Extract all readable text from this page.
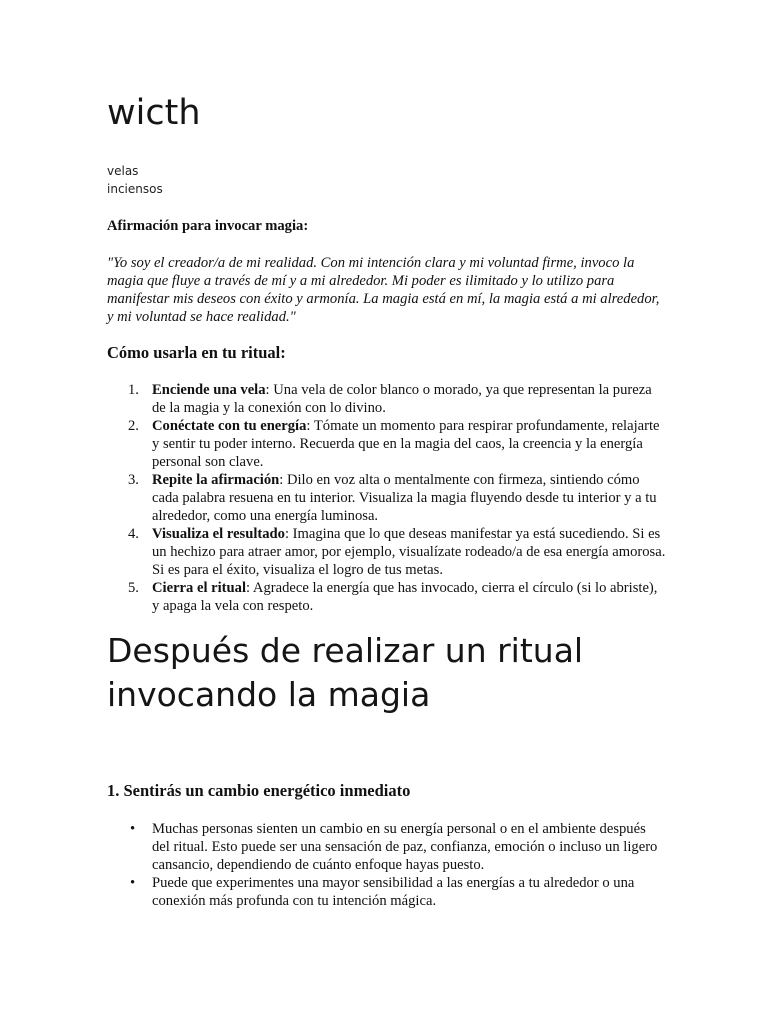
wicth
velas
inciensos

Afirmación para invocar magia:

"Yo soy el creador/a de mi realidad. Con mi intención clara y mi voluntad firme, invoco la magia que fluye a través de mí y a mi alrededor. Mi poder es ilimitado y lo utilizo para manifestar mis deseos con éxito y armonía. La magia está en mí, la magia está a mi alrededor, y mi voluntad se hace realidad."

Cómo usarla en tu ritual:
1. Enciende una vela: Una vela de color blanco o morado, ya que representan la pureza de la magia y la conexión con lo divino.
2. Conéctate con tu energía: Tómate un momento para respirar profundamente, relajarte y sentir tu poder interno. Recuerda que en la magia del caos, la creencia y la energía personal son clave.
3. Repite la afirmación: Dilo en voz alta o mentalmente con firmeza, sintiendo cómo cada palabra resuena en tu interior. Visualiza la magia fluyendo desde tu interior y a tu alrededor, como una energía luminosa.
4. Visualiza el resultado: Imagina que lo que deseas manifestar ya está sucediendo. Si es un hechizo para atraer amor, por ejemplo, visualízate rodeado/a de esa energía amorosa. Si es para el éxito, visualiza el logro de tus metas.
5. Cierra el ritual: Agradece la energía que has invocado, cierra el círculo (si lo abriste), y apaga la vela con respeto.
Después de realizar un ritual invocando la magia
1. Sentirás un cambio energético inmediato
• Muchas personas sienten un cambio en su energía personal o en el ambiente después del ritual. Esto puede ser una sensación de paz, confianza, emoción o incluso un ligero cansancio, dependiendo de cuánto enfoque hayas puesto.
• Puede que experimentes una mayor sensibilidad a las energías a tu alrededor o una conexión más profunda con tu intención mágica.
